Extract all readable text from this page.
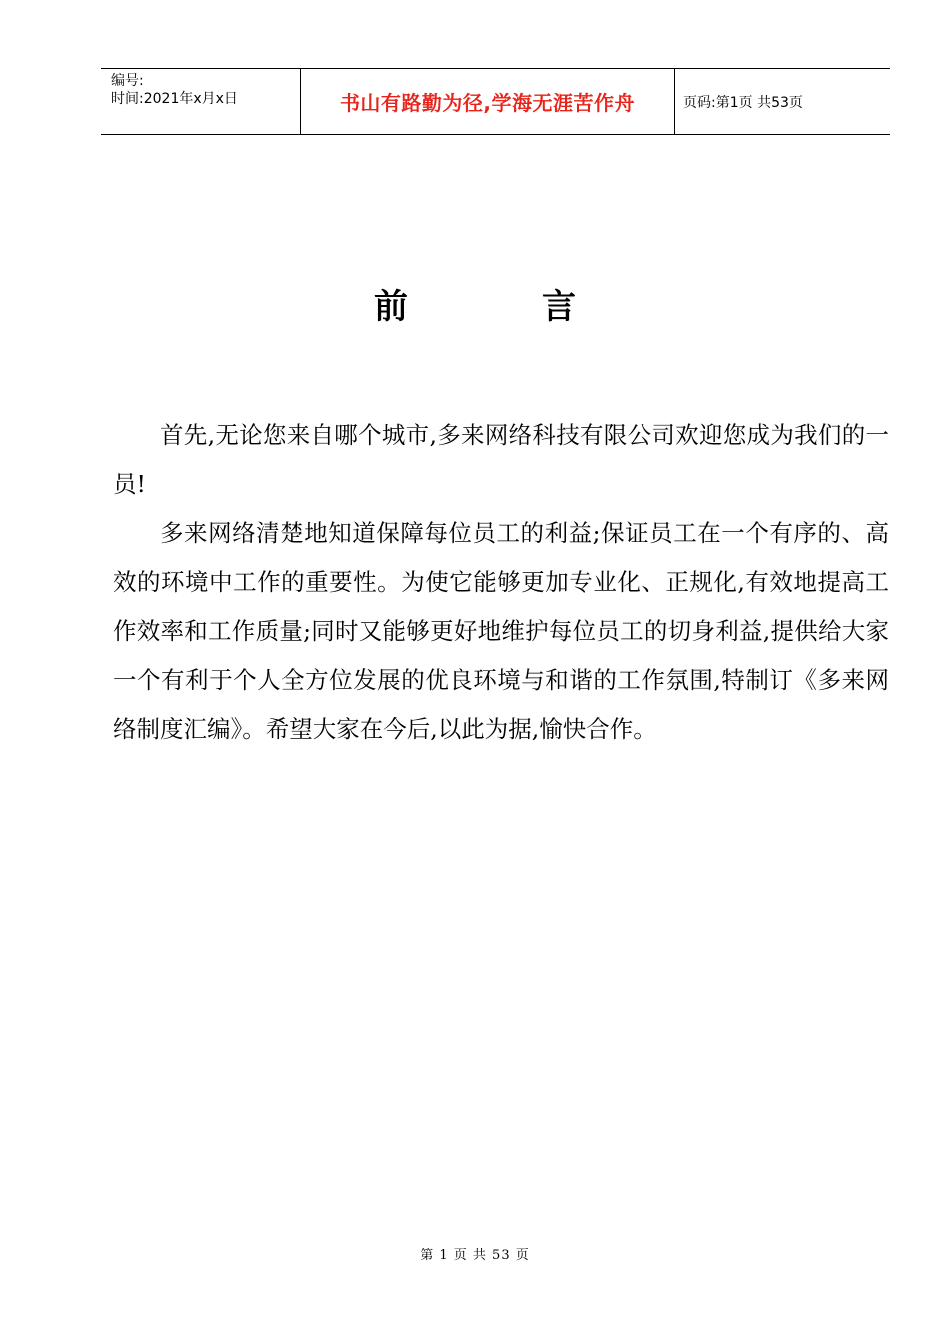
编号:
时间:2021年x月x日	书山有路勤为径,学海无涯苦作舟	页码:第1页 共53页
前	言

首先,无论您来自哪个城市,多来网络科技有限公司欢迎您成为我们的一员!

多来网络清楚地知道保障每位员工的利益;保证员工在一个有序的、高效的环境中工作的重要性。为使它能够更加专业化、正规化,有效地提高工作效率和工作质量;同时又能够更好地维护每位员工的切身利益,提供给大家一个有利于个人全方位发展的优良环境与和谐的工作氛围,特制订《多来网络制度汇编》。希望大家在今后,以此为据,愉快合作。

第 1 页 共 53 页
